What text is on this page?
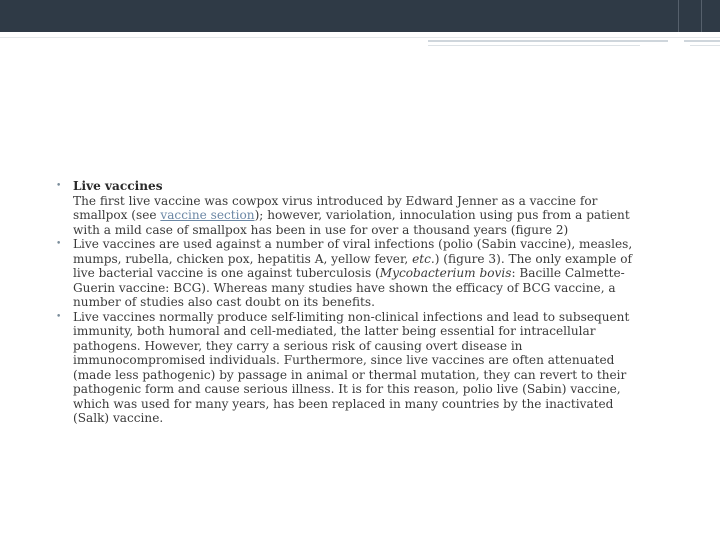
• Live vaccines
The first live vaccine was cowpox virus introduced by Edward Jenner as a vaccine for
smallpox (see vaccine section); however, variolation, innoculation using pus from a patient
with a mild case of smallpox has been in use for over a thousand years (figure 2)
• Live vaccines are used against a number of viral infections (polio (Sabin vaccine), measles,
mumps, rubella, chicken pox, hepatitis A, yellow fever, etc.) (figure 3). The only example of
live bacterial vaccine is one against tuberculosis (Mycobacterium bovis: Bacille Calmette-
Guerin vaccine: BCG). Whereas many studies have shown the efficacy of BCG vaccine, a
number of studies also cast doubt on its benefits.
• Live vaccines normally produce self-limiting non-clinical infections and lead to subsequent
immunity, both humoral and cell-mediated, the latter being essential for intracellular
pathogens. However, they carry a serious risk of causing overt disease in
immunocompromised individuals. Furthermore, since live vaccines are often attenuated
(made less pathogenic) by passage in animal or thermal mutation, they can revert to their
pathogenic form and cause serious illness. It is for this reason, polio live (Sabin) vaccine,
which was used for many years, has been replaced in many countries by the inactivated
(Salk) vaccine.
